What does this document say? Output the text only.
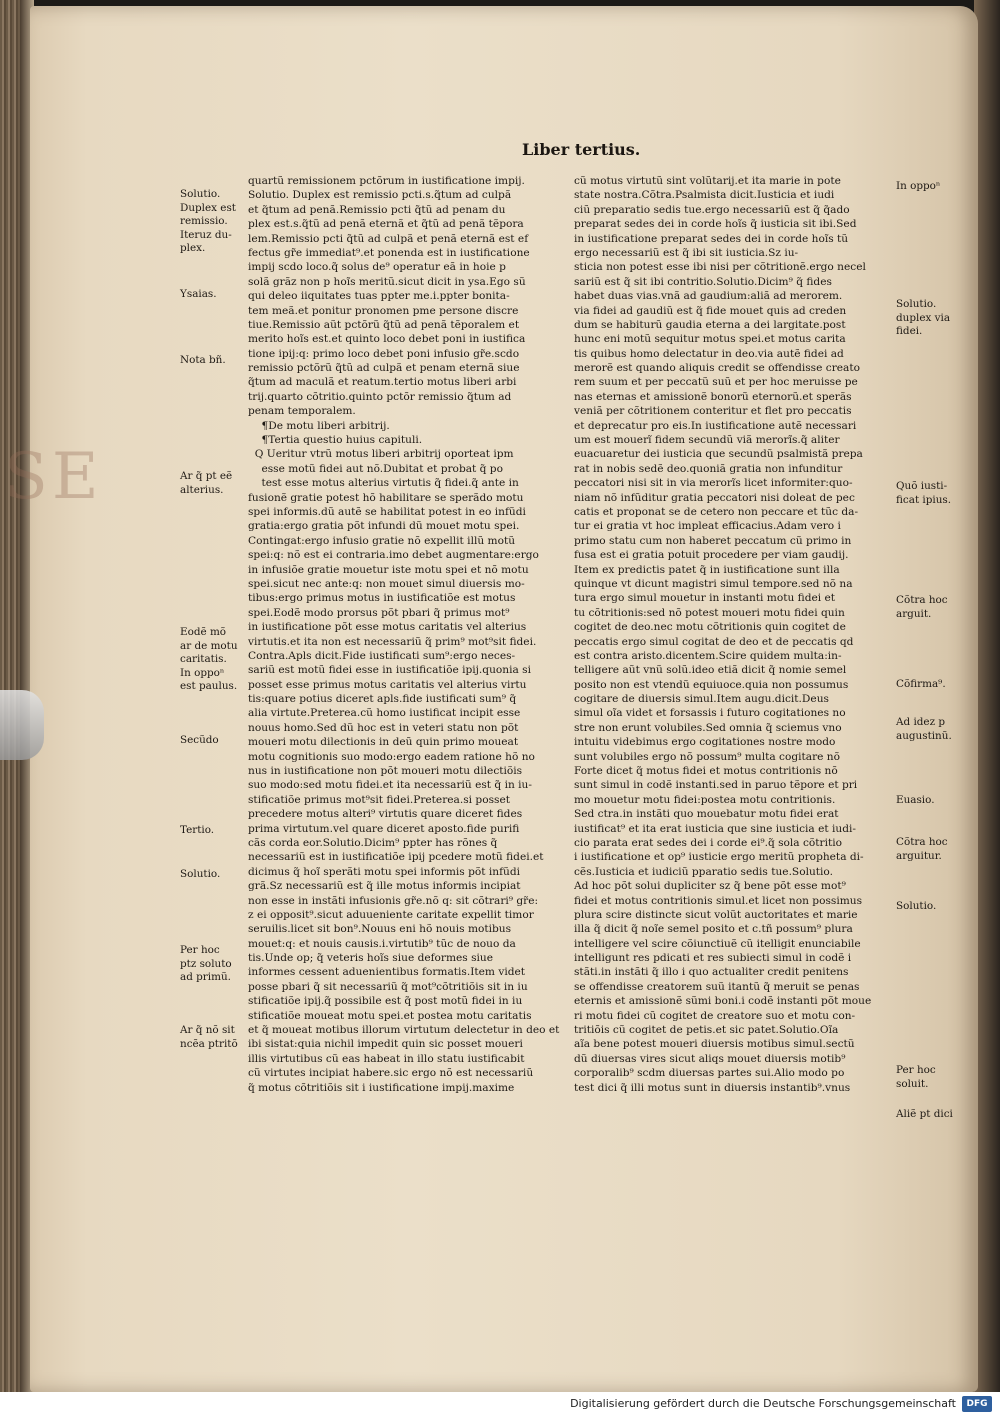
SE
Liber tertius.
quartũ remissionem pctõrum in iustificatione impij.
Solutio. Duplex est remissio pcti.s.q̃tum ad culpã
et q̃tum ad penã.Remissio pcti q̃tũ ad penam du
plex est.s.q̃tũ ad penã eternã et q̃tũ ad penã tẽpora
lem.Remissio pcti q̃tũ ad culpã et penã eternã est ef
fectus gr̃e immediat⁹.et ponenda est in iustificatione
impij scdo loco.q̃ solus de⁹ operatur eã in hoie p
solã grãz non p hoĩs meritũ.sicut dicit in ysa.Ego sũ
qui deleo iiquitates tuas ppter me.i.ppter bonita-
tem meã.et ponitur pronomen pme persone discre
tiue.Remissio aũt pctõrũ q̃tũ ad penã tẽporalem et
merito hoĩs est.et quinto loco debet poni in iustifica
tione ipij:q: primo loco debet poni infusio gr̃e.scdo
remissio pctõrũ q̃tũ ad culpã et penam eternã siue
q̃tum ad maculã et reatum.tertio motus liberi arbi
trij.quarto cõtritio.quinto pctõr remissio q̃tum ad
penam temporalem.
¶De motu liberi arbitrij.
¶Tertia questio huius capituli.
Q Ueritur vtrũ motus liberi arbitrij oporteat ipm
esse motũ fidei aut nõ.Dubitat et probat q̃ po
test esse motus alterius virtutis q̃ fidei.q̃ ante in
fusionẽ gratie potest hõ habilitare se sperãdo motu
spei informis.dũ autẽ se habilitat potest in eo infũdi
gratia:ergo gratia põt infundi dũ mouet motu spei.
Contingat:ergo infusio gratie nõ expellit illũ motũ
spei:q: nõ est ei contraria.imo debet augmentare:ergo
in infusiõe gratie mouetur iste motu spei et nõ motu
spei.sicut nec ante:q: non mouet simul diuersis mo-
tibus:ergo primus motus in iustificatiõe est motus
spei.Eodẽ modo prorsus põt pbari q̃ primus mot⁹
in iustificatione põt esse motus caritatis vel alterius
virtutis.et ita non est necessariũ q̃ prim⁹ mot⁹sit fidei.
Contra.Apls dicit.Fide iustificati sum⁹:ergo neces-
sariũ est motũ fidei esse in iustificatiõe ipij.quonia si
posset esse primus motus caritatis vel alterius virtu
tis:quare potius diceret apls.fide iustificati sum⁹ q̃
alia virtute.Preterea.cũ homo iustificat incipit esse
nouus homo.Sed dũ hoc est in veteri statu non põt
moueri motu dilectionis in deũ quin primo moueat
motu cognitionis suo modo:ergo eadem ratione hõ no
nus in iustificatione non põt moueri motu dilectiõis
suo modo:sed motu fidei.et ita necessariũ est q̃ in iu-
stificatiõe primus mot⁹sit fidei.Preterea.si posset
precedere motus alteri⁹ virtutis quare diceret fides
prima virtutum.vel quare diceret aposto.fide purifi
cãs corda eor.Solutio.Dicim⁹ ppter has rõnes q̃
necessariũ est in iustificatiõe ipij pcedere motũ fidei.et
dicimus q̃ hoĩ sperãti motu spei informis põt infũdi
grã.Sz necessariũ est q̃ ille motus informis incipiat
non esse in instãti infusionis gr̃e.nõ q: sit cõtrari⁹ gr̃e:
z ei opposit⁹.sicut aduueniente caritate expellit timor
seruilis.licet sit bon⁹.Nouus eni hõ nouis motibus
mouet:q: et nouis causis.i.virtutib⁹ tũc de nouo da
tis.Unde op; q̃ veteris hoĩs siue deformes siue
informes cessent aduenientibus formatis.Item videt
posse pbari q̃ sit necessariũ q̃ mot⁹cõtritiõis sit in iu
stificatiõe ipij.q̃ possibile est q̃ post motũ fidei in iu
stificatiõe moueat motu spei.et postea motu caritatis
et q̃ moueat motibus illorum virtutum delectetur in deo et
ibi sistat:quia nichil impedit quin sic posset moueri
illis virtutibus cũ eas habeat in illo statu iustificabit
cũ virtutes incipiat habere.sic ergo nõ est necessariũ
q̃ motus cõtritiõis sit i iustificatione impij.maxime
cũ motus virtutũ sint volũtarij.et ita marie in pote
state nostra.Cõtra.Psalmista dicit.Iusticia et iudi
ciũ preparatio sedis tue.ergo necessariũ est q̃ q̃ado
preparat sedes dei in corde hoĩs q̃ iusticia sit ibi.Sed
in iustificatione preparat sedes dei in corde hoĩs tũ
ergo necessariũ est q̃ ibi sit iusticia.Sz iu-
sticia non potest esse ibi nisi per cõtritionẽ.ergo necel
sariũ est q̃ sit ibi contritio.Solutio.Dicim⁹ q̃ fides
habet duas vias.vnã ad gaudium:aliã ad merorem.
via fidei ad gaudiũ est q̃ fide mouet quis ad creden
dum se habiturũ gaudia eterna a dei largitate.post
hunc eni motũ sequitur motus spei.et motus carita
tis quibus homo delectatur in deo.via autẽ fidei ad
merorẽ est quando aliquis credit se offendisse creato
rem suum et per peccatũ suũ et per hoc meruisse pe
nas eternas et amissionẽ bonorũ eternorũ.et sperãs
veniã per cõtritionem conteritur et flet pro peccatis
et deprecatur pro eis.In iustificatione autẽ necessari
um est mouerĩ fidem secundũ viã merorĩs.q̃ aliter
euacuaretur dei iusticia que secundũ psalmistã prepa
rat in nobis sedẽ deo.quoniã gratia non infunditur
peccatori nisi sit in via merorĩs licet informiter:quo-
niam nõ infũditur gratia peccatori nisi doleat de pec
catis et proponat se de cetero non peccare et tũc da-
tur ei gratia vt hoc impleat efficacius.Adam vero i
primo statu cum non haberet peccatum cũ primo in
fusa est ei gratia potuit procedere per viam gaudij.
Item ex predictis patet q̃ in iustificatione sunt illa
quinque vt dicunt magistri simul tempore.sed nõ na
tura ergo simul mouetur in instanti motu fidei et
tu cõtritionis:sed nõ potest moueri motu fidei quin
cogitet de deo.nec motu cõtritionis quin cogitet de
peccatis ergo simul cogitat de deo et de peccatis qd
est contra aristo.dicentem.Scire quidem multa:in-
telligere aũt vnũ solũ.ideo etiã dicit q̃ nomie semel
posito non est vtendũ equiuoce.quia non possumus
cogitare de diuersis simul.Item augu.dicit.Deus
simul oĩa videt et forsassis i futuro cogitationes no
stre non erunt volubiles.Sed omnia q̃ sciemus vno
intuitu videbimus ergo cogitationes nostre modo
sunt volubiles ergo nõ possum⁹ multa cogitare nõ
Forte dicet q̃ motus fidei et motus contritionis nõ
sunt simul in codẽ instanti.sed in paruo tẽpore et pri
mo mouetur motu fidei:postea motu contritionis.
Sed ctra.in instãti quo mouebatur motu fidei erat
iustificat⁹ et ita erat iusticia que sine iusticia et iudi-
cio parata erat sedes dei i corde ei⁹.q̃ sola cõtritio
i iustificatione et op⁹ iusticie ergo meritũ propheta di-
cẽs.Iusticia et iudiciũ pparatio sedis tue.Solutio.
Ad hoc põt solui dupliciter sz q̃ bene põt esse mot⁹
fidei et motus contritionis simul.et licet non possimus
plura scire distincte sicut volũt auctoritates et marie
illa q̃ dicit q̃ noĩe semel posito et c.tñ possum⁹ plura
intelligere vel scire cõiunctiuẽ cũ itelligit enunciabile
intelligunt res pdicati et res subiecti simul in codẽ i
stãti.in instãti q̃ illo i quo actualiter credit penitens
se offendisse creatorem suũ itantũ q̃ meruit se penas
eternis et amissionẽ sũmi boni.i codẽ instanti põt moue
ri motu fidei cũ cogitet de creatore suo et motu con-
tritiõis cũ cogitet de petis.et sic patet.Solutio.Oĩa
aĩa bene potest moueri diuersis motibus simul.sectũ
dũ diuersas vires sicut aliqs mouet diuersis motib⁹
corporalib⁹ scdm diuersas partes sui.Alio modo po
test dici q̃ illi motus sunt in diuersis instantib⁹.vnus
Solutio.
Duplex est
remissio.
Iteruz du-
plex.
Ysaias.
Nota bñ.
Ar q̃ pt eẽ
alterius.
Eodẽ mõ
ar de motu
caritatis.
In oppoⁿ
est paulus.
Secũdo
Tertio.
Solutio.
Per hoc
ptz soluto
ad primũ.
Ar q̃ nõ sit
ncẽa ptritõ
In oppoⁿ
Solutio.
duplex via
fidei.
Quõ iusti-
ficat ipius.
Cõtra hoc
arguit.
Cõfirma⁹.
Ad idez p
augustinũ.
Euasio.
Cõtra hoc
arguitur.
Solutio.
Per hoc
soluit.
Aliẽ pt dici
Digitalisierung gefördert durch die Deutsche Forschungsgemeinschaft	DFG
